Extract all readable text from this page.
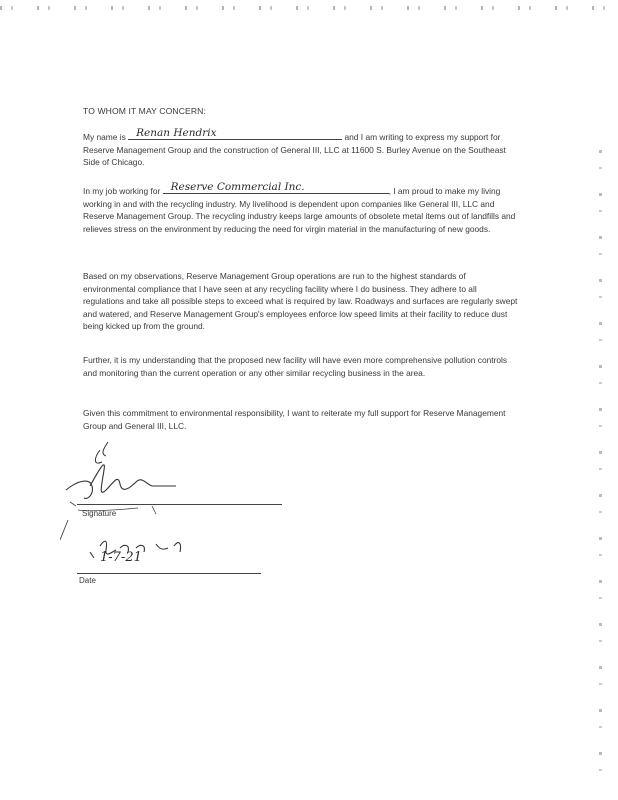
TO WHOM IT MAY CONCERN:
My name is Renan Hendrix	and I am writing to express my support for Reserve Management Group and the construction of General III, LLC at 11600 S. Burley Avenue on the Southeast Side of Chicago.
In my job working for Reserve Commercial Inc.	, I am proud to make my living working in and with the recycling industry. My livelihood is dependent upon companies like General III, LLC and Reserve Management Group. The recycling industry keeps large amounts of obsolete metal items out of landfills and relieves stress on the environment by reducing the need for virgin material in the manufacturing of new goods.
Based on my observations, Reserve Management Group operations are run to the highest standards of environmental compliance that I have seen at any recycling facility where I do business. They adhere to all regulations and take all possible steps to exceed what is required by law. Roadways and surfaces are regularly swept and watered, and Reserve Management Group's employees enforce low speed limits at their facility to reduce dust being kicked up from the ground.
Further, it is my understanding that the proposed new facility will have even more comprehensive pollution controls and monitoring than the current operation or any other similar recycling business in the area.
Given this commitment to environmental responsibility, I want to reiterate my full support for Reserve Management Group and General III, LLC.
Signature
1-7-21
Date
